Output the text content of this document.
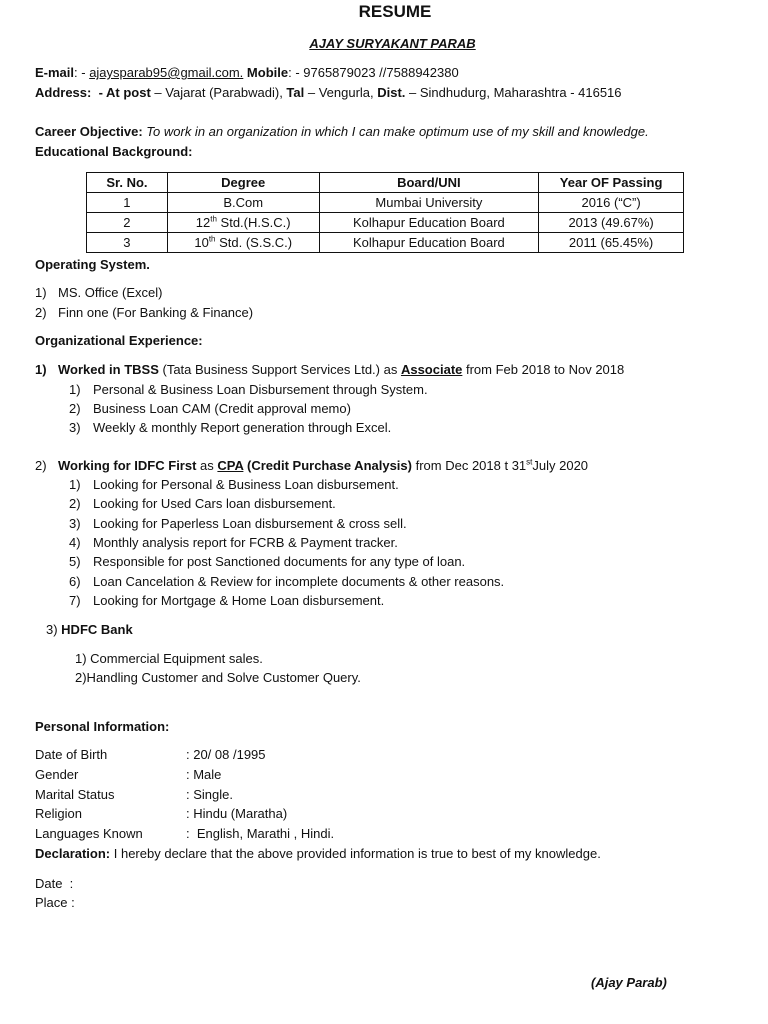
RESUME
AJAY SURYAKANT PARAB
E-mail: - ajaysparab95@gmail.com. Mobile: - 9765879023 //7588942380
Address:  - At post – Vajarat (Parabwadi), Tal – Vengurla, Dist. – Sindhudurg, Maharashtra - 416516
Career Objective: To work in an organization in which I can make optimum use of my skill and knowledge.
Educational Background:
Sr. No.	Degree	Board/UNI	Year OF Passing
1	B.Com	Mumbai University	2016 (“C”)
2	12th Std.(H.S.C.)	Kolhapur Education Board	2013 (49.67%)
3	10th Std. (S.S.C.)	Kolhapur Education Board	2011 (65.45%)
Operating System.
1) MS. Office (Excel)
2) Finn one (For Banking & Finance)
Organizational Experience:
1) Worked in TBSS (Tata Business Support Services Ltd.) as Associate from Feb 2018 to Nov 2018
1) Personal & Business Loan Disbursement through System.
2) Business Loan CAM (Credit approval memo)
3) Weekly & monthly Report generation through Excel.
2) Working for IDFC First as CPA (Credit Purchase Analysis) from Dec 2018 t 31stJuly 2020
1) Looking for Personal & Business Loan disbursement.
2) Looking for Used Cars loan disbursement.
3) Looking for Paperless Loan disbursement & cross sell.
4) Monthly analysis report for FCRB & Payment tracker.
5) Responsible for post Sanctioned documents for any type of loan.
6) Loan Cancelation & Review for incomplete documents & other reasons.
7) Looking for Mortgage & Home Loan disbursement.
3) HDFC Bank
1) Commercial Equipment sales.
2)Handling Customer and Solve Customer Query.
Personal Information:
Date of Birth	: 20/ 08 /1995
Gender	: Male
Marital Status	: Single.
Religion	: Hindu (Maratha)
Languages Known	:  English, Marathi , Hindi.
Declaration: I hereby declare that the above provided information is true to best of my knowledge.
Date  :
Place :
(Ajay Parab)
